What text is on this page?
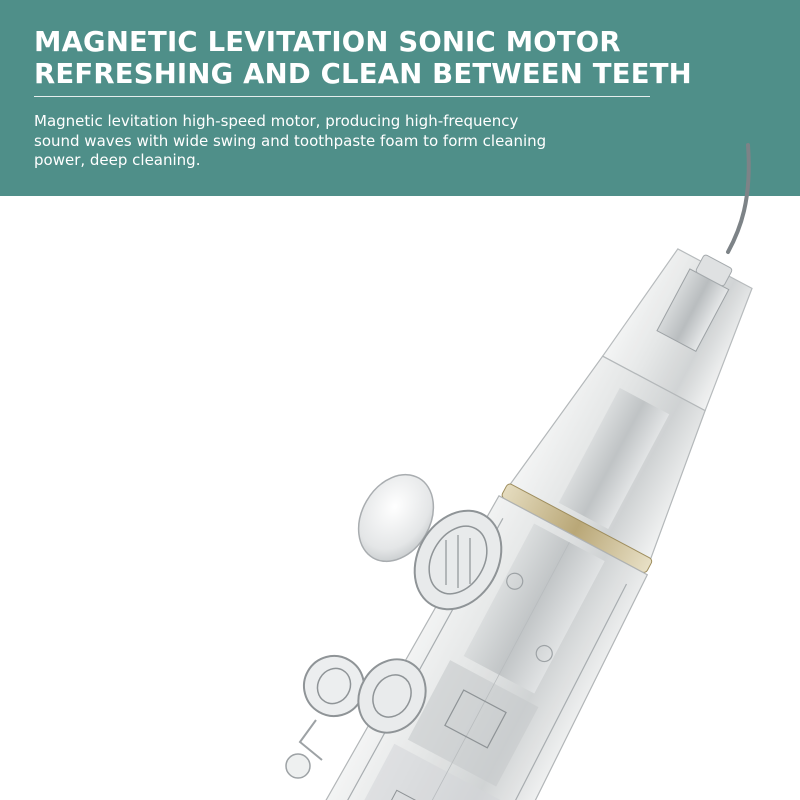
MAGNETIC LEVITATION SONIC MOTOR
REFRESHING AND CLEAN BETWEEN TEETH

Magnetic levitation high-speed motor, producing high-frequency sound waves with wide swing and toothpaste foam to form cleaning power, deep cleaning.
